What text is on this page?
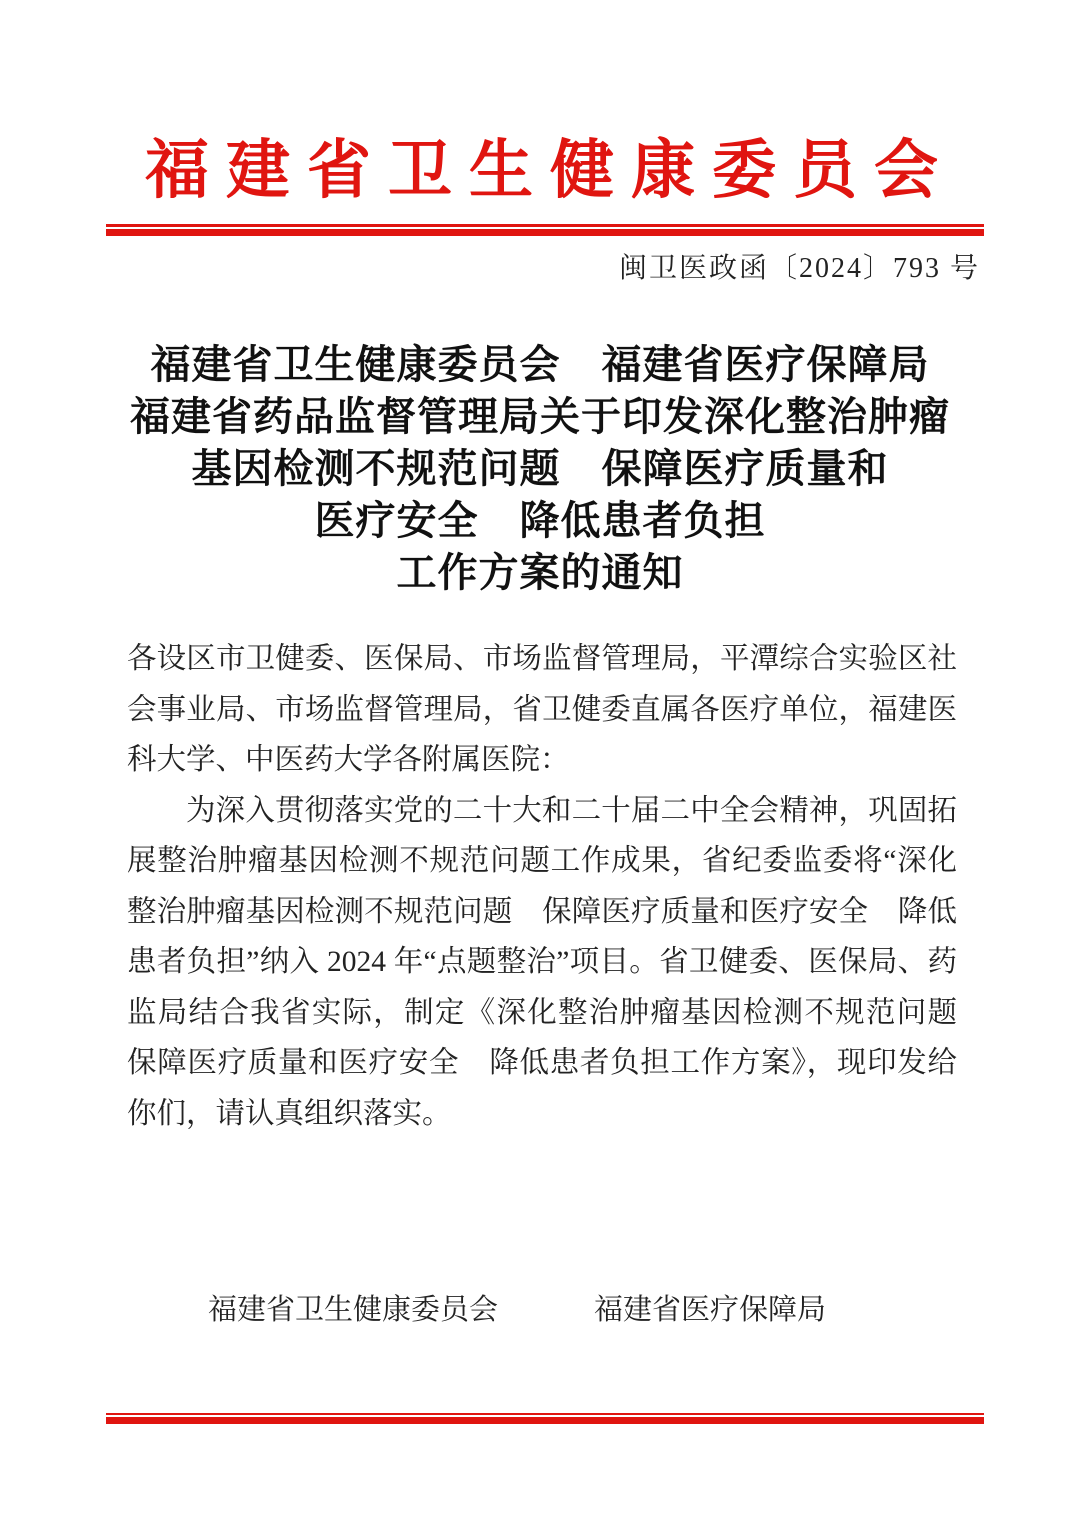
福建省卫生健康委员会
闽卫医政函〔2024〕793 号
福建省卫生健康委员会　福建省医疗保障局
福建省药品监督管理局关于印发深化整治肿瘤
基因检测不规范问题　保障医疗质量和
医疗安全　降低患者负担
工作方案的通知

各设区市卫健委、医保局、市场监督管理局，平潭综合实验区社会事业局、市场监督管理局，省卫健委直属各医疗单位，福建医科大学、中医药大学各附属医院：

为深入贯彻落实党的二十大和二十届二中全会精神，巩固拓展整治肿瘤基因检测不规范问题工作成果，省纪委监委将“深化整治肿瘤基因检测不规范问题　保障医疗质量和医疗安全　降低患者负担”纳入 2024 年“点题整治”项目。省卫健委、医保局、药监局结合我省实际，制定《深化整治肿瘤基因检测不规范问题　保障医疗质量和医疗安全　降低患者负担工作方案》，现印发给你们，请认真组织落实。

福建省卫生健康委员会	福建省医疗保障局
